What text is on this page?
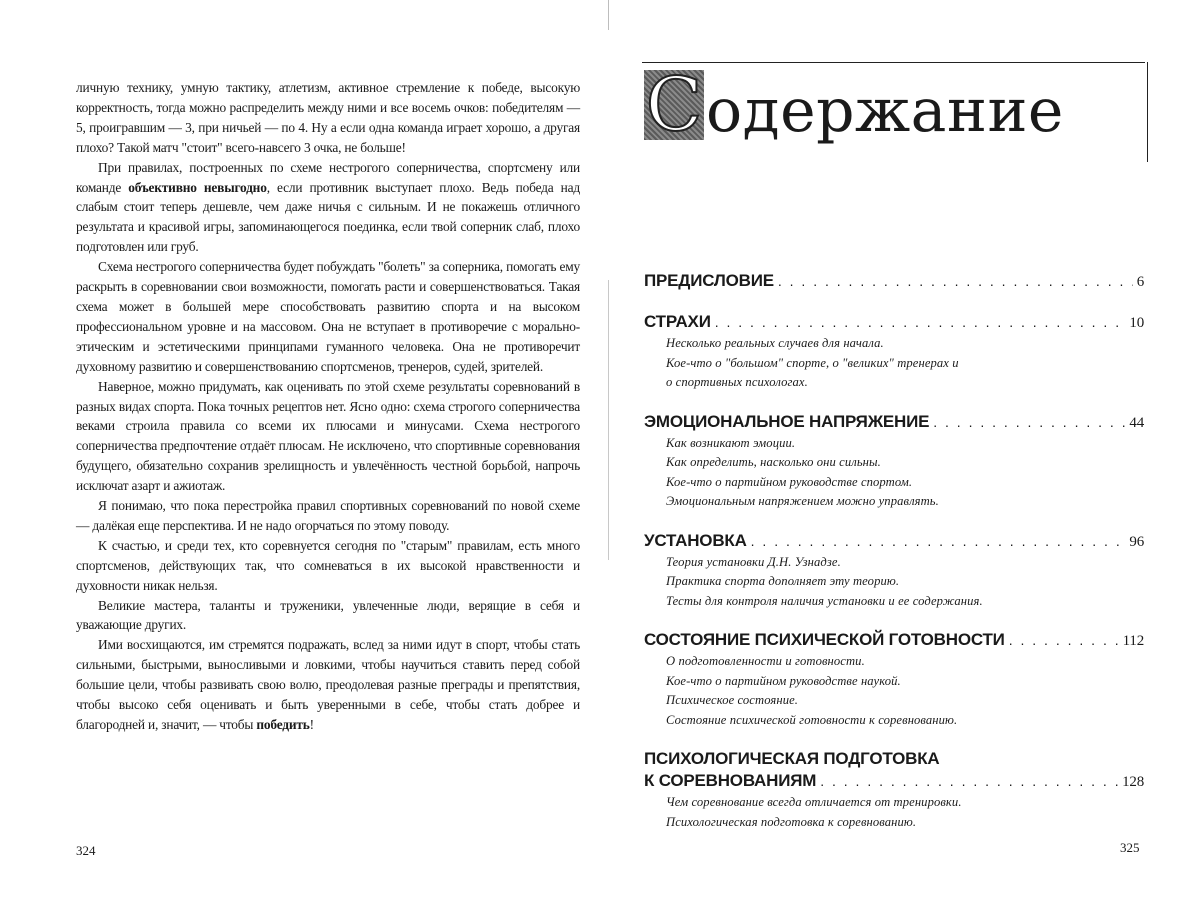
личную технику, умную тактику, атлетизм, активное стремление к победе, высокую корректность, тогда можно распределить между ними и все восемь очков: победителям — 5, проигравшим — 3, при ничьей — по 4. Ну а если одна команда играет хорошо, а другая плохо? Такой матч "стоит" всего-навсего 3 очка, не больше!

При правилах, построенных по схеме нестрогого соперничества, спортсмену или команде объективно невыгодно, если противник выступает плохо. Ведь победа над слабым стоит теперь дешевле, чем даже ничья с сильным. И не покажешь отличного результата и красивой игры, запоминающегося поединка, если твой соперник слаб, плохо подготовлен или груб.

Схема нестрогого соперничества будет побуждать "болеть" за соперника, помогать ему раскрыть в соревновании свои возможности, помогать расти и совершенствоваться. Такая схема может в большей мере способствовать развитию спорта и на высоком профессиональном уровне и на массовом. Она не вступает в противоречие с морально-этическим и эстетическими принципами гуманного человека. Она не противоречит духовному развитию и совершенствованию спортсменов, тренеров, судей, зрителей.

Наверное, можно придумать, как оценивать по этой схеме результаты соревнований в разных видах спорта. Пока точных рецептов нет. Ясно одно: схема строгого соперничества веками строила правила со всеми их плюсами и минусами. Схема нестрогого соперничества предпочтение отдаёт плюсам. Не исключено, что спортивные соревнования будущего, обязательно сохранив зрелищность и увлечённость честной борьбой, напрочь исключат азарт и ажиотаж.

Я понимаю, что пока перестройка правил спортивных соревнований по новой схеме — далёкая еще перспектива. И не надо огорчаться по этому поводу.

К счастью, и среди тех, кто соревнуется сегодня по "старым" правилам, есть много спортсменов, действующих так, что сомневаться в их высокой нравственности и духовности никак нельзя.

Великие мастера, таланты и труженики, увлеченные люди, верящие в себя и уважающие других.

Ими восхищаются, им стремятся подражать, вслед за ними идут в спорт, чтобы стать сильными, быстрыми, выносливыми и ловкими, чтобы научиться ставить перед собой большие цели, чтобы развивать свою волю, преодолевая разные преграды и препятствия, чтобы высоко себя оценивать и быть уверенными в себе, чтобы стать добрее и благородней и, значит, — чтобы победить!

324
С одержание
ПРЕДИСЛОВИЕ
. . .	6
СТРАХИ
. . .	10
Несколько реальных случаев для начала.
Кое-что о "большом" спорте, о "великих" тренерах и
о спортивных психологах.
ЭМОЦИОНАЛЬНОЕ НАПРЯЖЕНИЕ
. . .	44
Как возникают эмоции.
Как определить, насколько они сильны.
Кое-что о партийном руководстве спортом.
Эмоциональным напряжением можно управлять.
УСТАНОВКА
. . .	96
Теория установки Д.Н. Узнадзе.
Практика спорта дополняет эту теорию.
Тесты для контроля наличия установки и ее содержания.
СОСТОЯНИЕ ПСИХИЧЕСКОЙ ГОТОВНОСТИ
. . .	112
О подготовленности и готовности.
Кое-что о партийном руководстве наукой.
Психическое состояние.
Состояние психической готовности к соревнованию.
ПСИХОЛОГИЧЕСКАЯ ПОДГОТОВКА
К СОРЕВНОВАНИЯМ
. . .	128
Чем соревнование всегда отличается от тренировки.
Психологическая подготовка к соревнованию.
325
